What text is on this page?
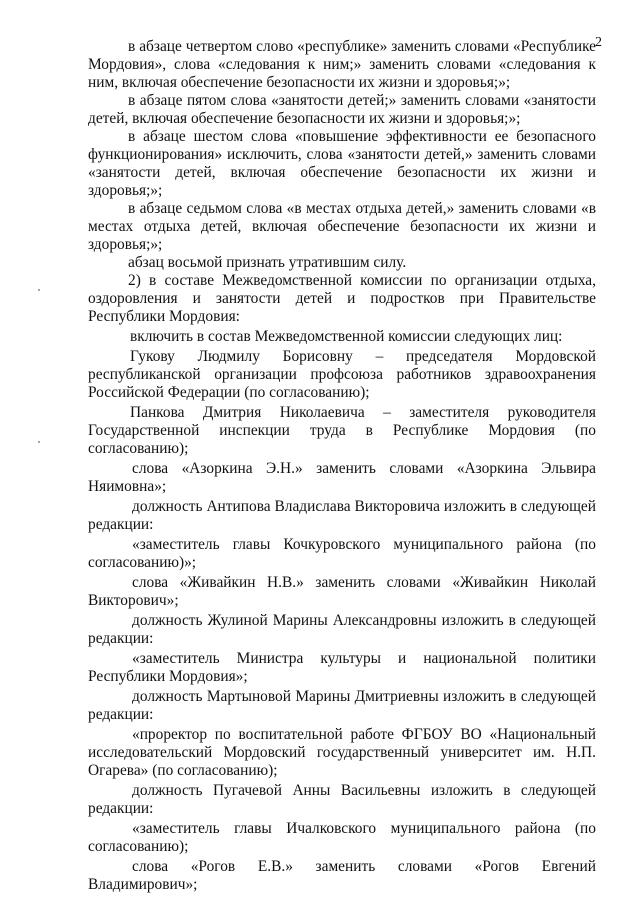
2

в абзаце четвертом слово «республике» заменить словами «Республике Мордовия», слова «следования к ним;» заменить словами «следования к ним, включая обеспечение безопасности их жизни и здоровья;»;

в абзаце пятом слова «занятости детей;» заменить словами «занятости детей, включая обеспечение безопасности их жизни и здоровья;»;

в абзаце шестом слова «повышение эффективности ее безопасного функционирования» исключить, слова «занятости детей,» заменить словами «занятости детей, включая обеспечение безопасности их жизни и здоровья;»;

в абзаце седьмом слова «в местах отдыха детей,» заменить словами «в местах отдыха детей, включая обеспечение безопасности их жизни и здоровья;»;

абзац восьмой признать утратившим силу.

2) в составе Межведомственной комиссии по организации отдыха, оздоровления и занятости детей и подростков при Правительстве Республики Мордовия:

включить в состав Межведомственной комиссии следующих лиц:

Гукову Людмилу Борисовну – председателя Мордовской республиканской организации профсоюза работников здравоохранения Российской Федерации (по согласованию);

Панкова Дмитрия Николаевича – заместителя руководителя Государственной инспекции труда в Республике Мордовия (по согласованию);

слова «Азоркина Э.Н.» заменить словами «Азоркина Эльвира Няимовна»;

должность Антипова Владислава Викторовича изложить в следующей редакции:

«заместитель главы Кочкуровского муниципального района (по согласованию)»;

слова «Живайкин Н.В.» заменить словами «Живайкин Николай Викторович»;

должность Жулиной Марины Александровны изложить в следующей редакции:

«заместитель Министра культуры и национальной политики Республики Мордовия»;

должность Мартыновой Марины Дмитриевны изложить в следующей редакции:

«проректор по воспитательной работе ФГБОУ ВО «Национальный исследовательский Мордовский государственный университет им. Н.П. Огарева» (по согласованию);

должность Пугачевой Анны Васильевны изложить в следующей редакции:

«заместитель главы Ичалковского муниципального района (по согласованию);

слова «Рогов Е.В.» заменить словами «Рогов Евгений Владимирович»;
